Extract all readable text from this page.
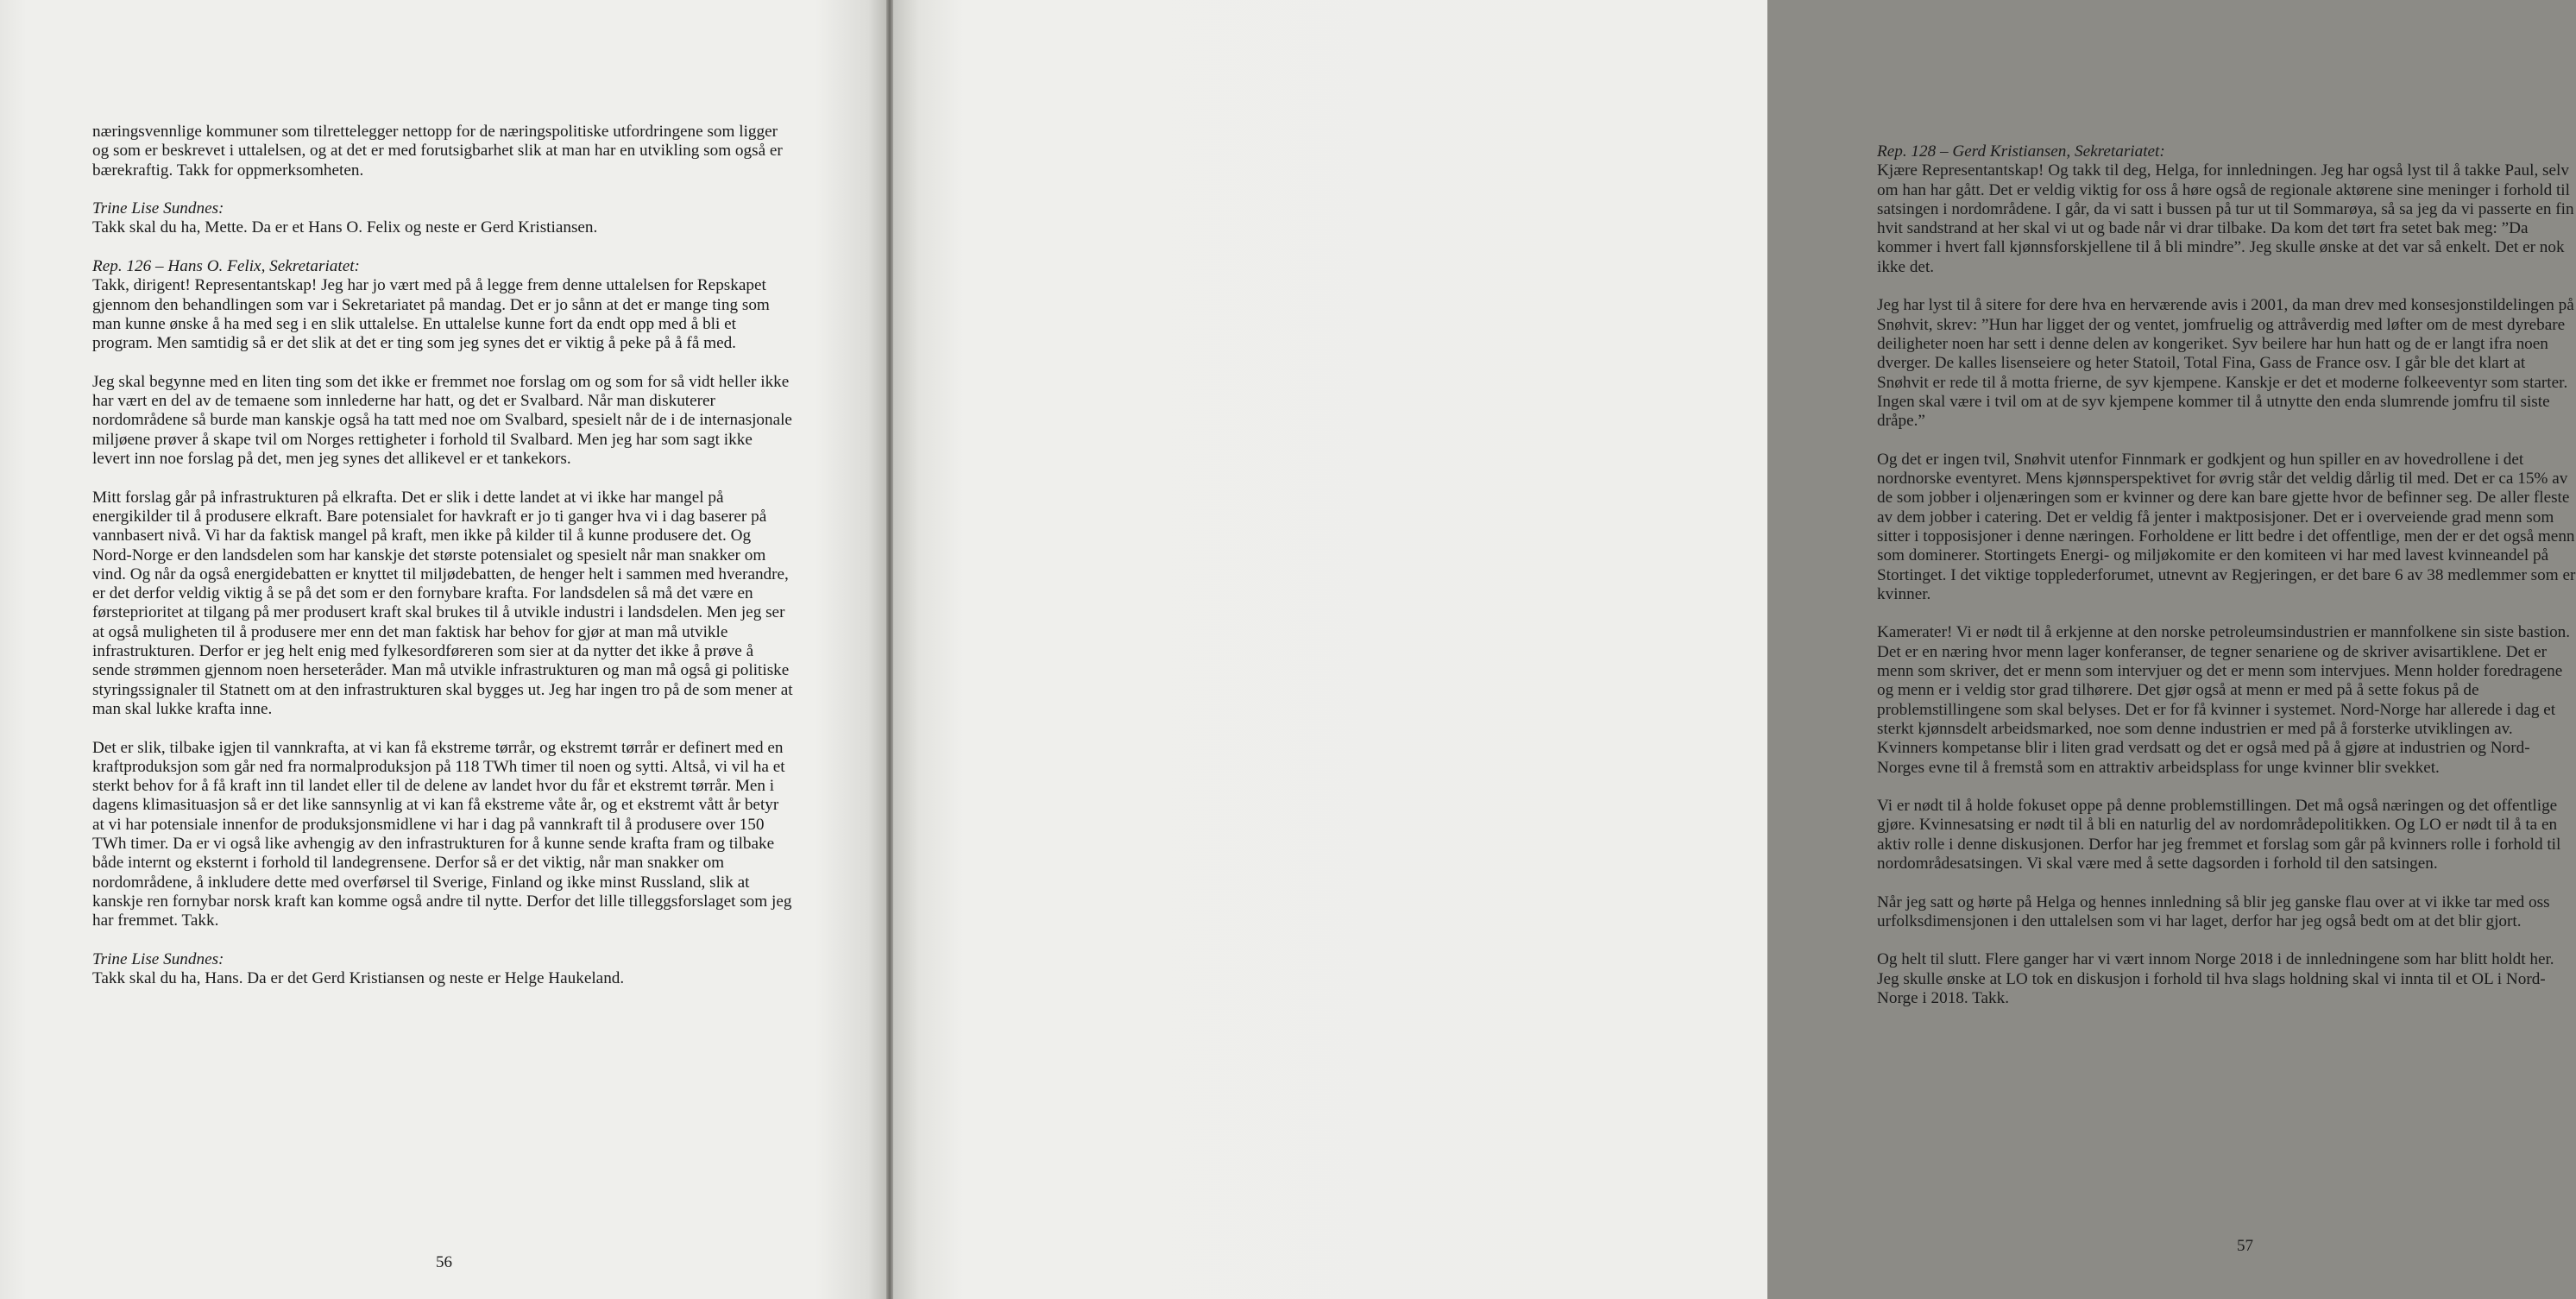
næringsvennlige kommuner som tilrettelegger nettopp for de næringspolitiske utfordringene som ligger og som er beskrevet i uttalelsen, og at det er med forutsigbarhet slik at man har en utvikling som også er bærekraftig. Takk for oppmerksomheten.

Trine Lise Sundnes:
Takk skal du ha, Mette. Da er et Hans O. Felix og neste er Gerd Kristiansen.

Rep. 126 – Hans O. Felix, Sekretariatet:
Takk, dirigent! Representantskap! Jeg har jo vært med på å legge frem denne uttalelsen for Repskapet gjennom den behandlingen som var i Sekretariatet på mandag. Det er jo sånn at det er mange ting som man kunne ønske å ha med seg i en slik uttalelse. En uttalelse kunne fort da endt opp med å bli et program. Men samtidig så er det slik at det er ting som jeg synes det er viktig å peke på å få med.

Jeg skal begynne med en liten ting som det ikke er fremmet noe forslag om og som for så vidt heller ikke har vært en del av de temaene som innlederne har hatt, og det er Svalbard. Når man diskuterer nordområdene så burde man kanskje også ha tatt med noe om Svalbard, spesielt når de i de internasjonale miljøene prøver å skape tvil om Norges rettigheter i forhold til Svalbard. Men jeg har som sagt ikke levert inn noe forslag på det, men jeg synes det allikevel er et tankekors.

Mitt forslag går på infrastrukturen på elkrafta. Det er slik i dette landet at vi ikke har mangel på energikilder til å produsere elkraft. Bare potensialet for havkraft er jo ti ganger hva vi i dag baserer på vannbasert nivå. Vi har da faktisk mangel på kraft, men ikke på kilder til å kunne produsere det. Og Nord-Norge er den landsdelen som har kanskje det største potensialet og spesielt når man snakker om vind. Og når da også energidebatten er knyttet til miljødebatten, de henger helt i sammen med hverandre, er det derfor veldig viktig å se på det som er den fornybare krafta. For landsdelen så må det være en førsteprioritet at tilgang på mer produsert kraft skal brukes til å utvikle industri i landsdelen. Men jeg ser at også muligheten til å produsere mer enn det man faktisk har behov for gjør at man må utvikle infrastrukturen. Derfor er jeg helt enig med fylkesordføreren som sier at da nytter det ikke å prøve å sende strømmen gjennom noen herseteråder. Man må utvikle infrastrukturen og man må også gi politiske styringssignaler til Statnett om at den infrastrukturen skal bygges ut. Jeg har ingen tro på de som mener at man skal lukke krafta inne.

Det er slik, tilbake igjen til vannkrafta, at vi kan få ekstreme tørrår, og ekstremt tørrår er definert med en kraftproduksjon som går ned fra normalproduksjon på 118 TWh timer til noen og sytti. Altså, vi vil ha et sterkt behov for å få kraft inn til landet eller til de delene av landet hvor du får et ekstremt tørrår. Men i dagens klimasituasjon så er det like sannsynlig at vi kan få ekstreme våte år, og et ekstremt vått år betyr at vi har potensiale innenfor de produksjonsmidlene vi har i dag på vannkraft til å produsere over 150 TWh timer. Da er vi også like avhengig av den infrastrukturen for å kunne sende krafta fram og tilbake både internt og eksternt i forhold til landegrensene. Derfor så er det viktig, når man snakker om nordområdene, å inkludere dette med overførsel til Sverige, Finland og ikke minst Russland, slik at kanskje ren fornybar norsk kraft kan komme også andre til nytte. Derfor det lille tilleggsforslaget som jeg har fremmet. Takk.

Trine Lise Sundnes:
Takk skal du ha, Hans. Da er det Gerd Kristiansen og neste er Helge Haukeland.

56

Rep. 128 – Gerd Kristiansen, Sekretariatet:
Kjære Representantskap! Og takk til deg, Helga, for innledningen. Jeg har også lyst til å takke Paul, selv om han har gått. Det er veldig viktig for oss å høre også de regionale aktørene sine meninger i forhold til satsingen i nordområdene. I går, da vi satt i bussen på tur ut til Sommarøya, så sa jeg da vi passerte en fin hvit sandstrand at her skal vi ut og bade når vi drar tilbake. Da kom det tørt fra setet bak meg: ”Da kommer i hvert fall kjønnsforskjellene til å bli mindre”. Jeg skulle ønske at det var så enkelt. Det er nok ikke det.

Jeg har lyst til å sitere for dere hva en herværende avis i 2001, da man drev med konsesjonstildelingen på Snøhvit, skrev: ”Hun har ligget der og ventet, jomfruelig og attråverdig med løfter om de mest dyrebare deiligheter noen har sett i denne delen av kongeriket. Syv beilere har hun hatt og de er langt ifra noen dverger. De kalles lisenseiere og heter Statoil, Total Fina, Gass de France osv. I går ble det klart at Snøhvit er rede til å motta frierne, de syv kjempene. Kanskje er det et moderne folkeeventyr som starter. Ingen skal være i tvil om at de syv kjempene kommer til å utnytte den enda slumrende jomfru til siste dråpe.”

Og det er ingen tvil, Snøhvit utenfor Finnmark er godkjent og hun spiller en av hovedrollene i det nordnorske eventyret. Mens kjønnsperspektivet for øvrig står det veldig dårlig til med. Det er ca 15% av de som jobber i oljenæringen som er kvinner og dere kan bare gjette hvor de befinner seg. De aller fleste av dem jobber i catering. Det er veldig få jenter i maktposisjoner. Det er i overveiende grad menn som sitter i topposisjoner i denne næringen. Forholdene er litt bedre i det offentlige, men der er det også menn som dominerer. Stortingets Energi- og miljøkomite er den komiteen vi har med lavest kvinneandel på Stortinget. I det viktige topplederforumet, utnevnt av Regjeringen, er det bare 6 av 38 medlemmer som er kvinner.

Kamerater! Vi er nødt til å erkjenne at den norske petroleumsindustrien er mannfolkene sin siste bastion. Det er en næring hvor menn lager konferanser, de tegner senariene og de skriver avisartiklene. Det er menn som skriver, det er menn som intervjuer og det er menn som intervjues. Menn holder foredragene og menn er i veldig stor grad tilhørere. Det gjør også at menn er med på å sette fokus på de problemstillingene som skal belyses. Det er for få kvinner i systemet. Nord-Norge har allerede i dag et sterkt kjønnsdelt arbeidsmarked, noe som denne industrien er med på å forsterke utviklingen av. Kvinners kompetanse blir i liten grad verdsatt og det er også med på å gjøre at industrien og Nord-Norges evne til å fremstå som en attraktiv arbeidsplass for unge kvinner blir svekket.

Vi er nødt til å holde fokuset oppe på denne problemstillingen. Det må også næringen og det offentlige gjøre. Kvinnesatsing er nødt til å bli en naturlig del av nordområdepolitikken. Og LO er nødt til å ta en aktiv rolle i denne diskusjonen. Derfor har jeg fremmet et forslag som går på kvinners rolle i forhold til nordområdesatsingen. Vi skal være med å sette dagsorden i forhold til den satsingen.

Når jeg satt og hørte på Helga og hennes innledning så blir jeg ganske flau over at vi ikke tar med oss urfolksdimensjonen i den uttalelsen som vi har laget, derfor har jeg også bedt om at det blir gjort.

Og helt til slutt. Flere ganger har vi vært innom Norge 2018 i de innledningene som har blitt holdt her. Jeg skulle ønske at LO tok en diskusjon i forhold til hva slags holdning skal vi innta til et OL i Nord-Norge i 2018. Takk.

57
